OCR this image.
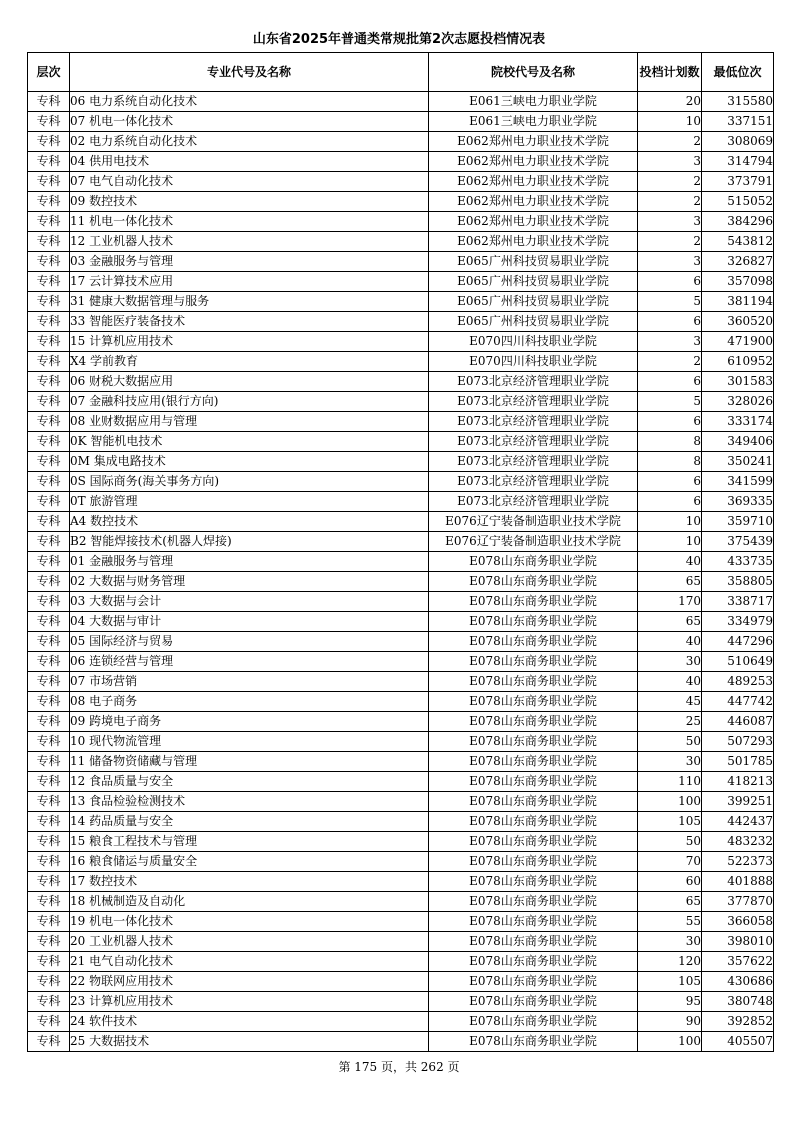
山东省2025年普通类常规批第2次志愿投档情况表
层次	专业代号及名称	院校代号及名称	投档计划数	最低位次
专科	06 电力系统自动化技术	E061三峡电力职业学院	20	315580
专科	07 机电一体化技术	E061三峡电力职业学院	10	337151
专科	02 电力系统自动化技术	E062郑州电力职业技术学院	2	308069
专科	04 供用电技术	E062郑州电力职业技术学院	3	314794
专科	07 电气自动化技术	E062郑州电力职业技术学院	2	373791
专科	09 数控技术	E062郑州电力职业技术学院	2	515052
专科	11 机电一体化技术	E062郑州电力职业技术学院	3	384296
专科	12 工业机器人技术	E062郑州电力职业技术学院	2	543812
专科	03 金融服务与管理	E065广州科技贸易职业学院	3	326827
专科	17 云计算技术应用	E065广州科技贸易职业学院	6	357098
专科	31 健康大数据管理与服务	E065广州科技贸易职业学院	5	381194
专科	33 智能医疗装备技术	E065广州科技贸易职业学院	6	360520
专科	15 计算机应用技术	E070四川科技职业学院	3	471900
专科	X4 学前教育	E070四川科技职业学院	2	610952
专科	06 财税大数据应用	E073北京经济管理职业学院	6	301583
专科	07 金融科技应用(银行方向)	E073北京经济管理职业学院	5	328026
专科	08 业财数据应用与管理	E073北京经济管理职业学院	6	333174
专科	0K 智能机电技术	E073北京经济管理职业学院	8	349406
专科	0M 集成电路技术	E073北京经济管理职业学院	8	350241
专科	0S 国际商务(海关事务方向)	E073北京经济管理职业学院	6	341599
专科	0T 旅游管理	E073北京经济管理职业学院	6	369335
专科	A4 数控技术	E076辽宁装备制造职业技术学院	10	359710
专科	B2 智能焊接技术(机器人焊接)	E076辽宁装备制造职业技术学院	10	375439
专科	01 金融服务与管理	E078山东商务职业学院	40	433735
专科	02 大数据与财务管理	E078山东商务职业学院	65	358805
专科	03 大数据与会计	E078山东商务职业学院	170	338717
专科	04 大数据与审计	E078山东商务职业学院	65	334979
专科	05 国际经济与贸易	E078山东商务职业学院	40	447296
专科	06 连锁经营与管理	E078山东商务职业学院	30	510649
专科	07 市场营销	E078山东商务职业学院	40	489253
专科	08 电子商务	E078山东商务职业学院	45	447742
专科	09 跨境电子商务	E078山东商务职业学院	25	446087
专科	10 现代物流管理	E078山东商务职业学院	50	507293
专科	11 储备物资储藏与管理	E078山东商务职业学院	30	501785
专科	12 食品质量与安全	E078山东商务职业学院	110	418213
专科	13 食品检验检测技术	E078山东商务职业学院	100	399251
专科	14 药品质量与安全	E078山东商务职业学院	105	442437
专科	15 粮食工程技术与管理	E078山东商务职业学院	50	483232
专科	16 粮食储运与质量安全	E078山东商务职业学院	70	522373
专科	17 数控技术	E078山东商务职业学院	60	401888
专科	18 机械制造及自动化	E078山东商务职业学院	65	377870
专科	19 机电一体化技术	E078山东商务职业学院	55	366058
专科	20 工业机器人技术	E078山东商务职业学院	30	398010
专科	21 电气自动化技术	E078山东商务职业学院	120	357622
专科	22 物联网应用技术	E078山东商务职业学院	105	430686
专科	23 计算机应用技术	E078山东商务职业学院	95	380748
专科	24 软件技术	E078山东商务职业学院	90	392852
专科	25 大数据技术	E078山东商务职业学院	100	405507
第 175 页，共 262 页
